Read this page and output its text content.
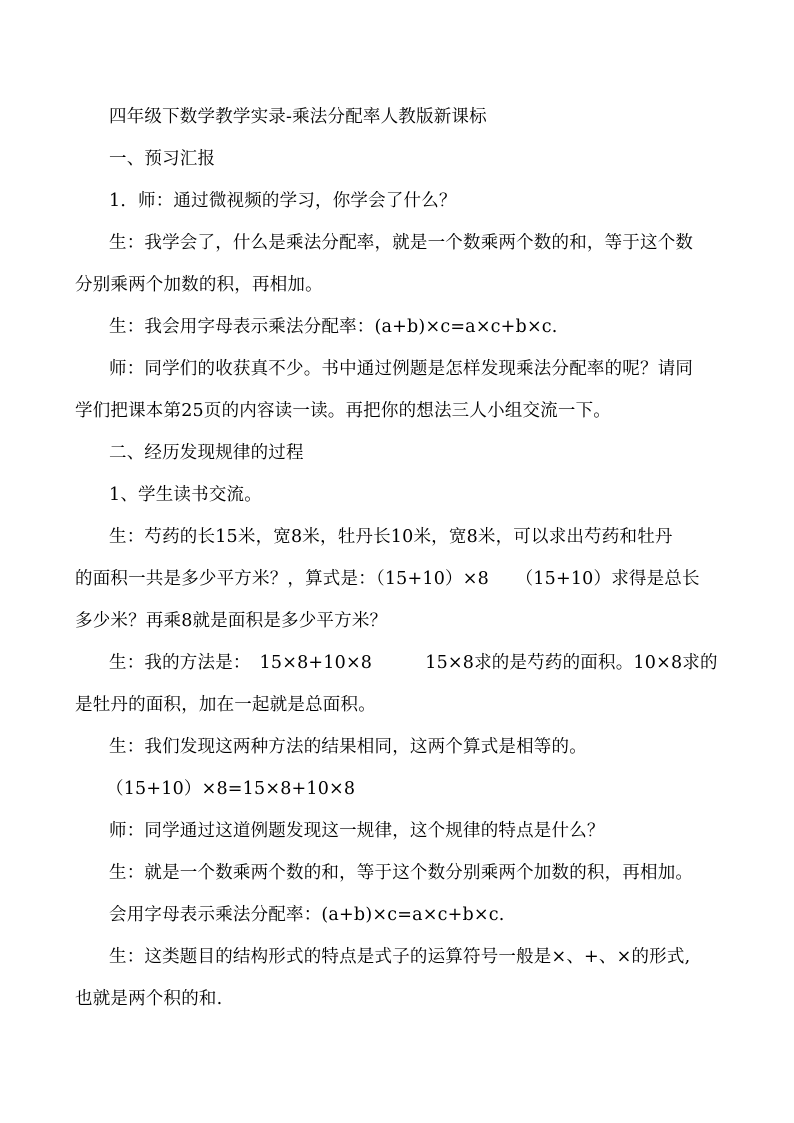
四年级下数学教学实录-乘法分配率人教版新课标
一、预习汇报
1．师：通过微视频的学习，你学会了什么？
生：我学会了，什么是乘法分配率，就是一个数乘两个数的和，等于这个数
分别乘两个加数的积，再相加。
生：我会用字母表示乘法分配率：(a+b)×c=a×c+b×c.
师：同学们的收获真不少。书中通过例题是怎样发现乘法分配率的呢？请同
学们把课本第25页的内容读一读。再把你的想法三人小组交流一下。
二、经历发现规律的过程
1、学生读书交流。
生：芍药的长15米，宽8米，牡丹长10米，宽8米，可以求出芍药和牡丹
的面积一共是多少平方米？，算式是：（15+10）×8　　（15+10）求得是总长
多少米？再乘8就是面积是多少平方米？
生：我的方法是：　15×8+10×8　　　15×8求的是芍药的面积。10×8求的
是牡丹的面积，加在一起就是总面积。
生：我们发现这两种方法的结果相同，这两个算式是相等的。
（15+10）×8=15×8+10×8
师：同学通过这道例题发现这一规律，这个规律的特点是什么？
生：就是一个数乘两个数的和，等于这个数分别乘两个加数的积，再相加。
会用字母表示乘法分配率：(a+b)×c=a×c+b×c.
生：这类题目的结构形式的特点是式子的运算符号一般是×、+、×的形式,
也就是两个积的和.
